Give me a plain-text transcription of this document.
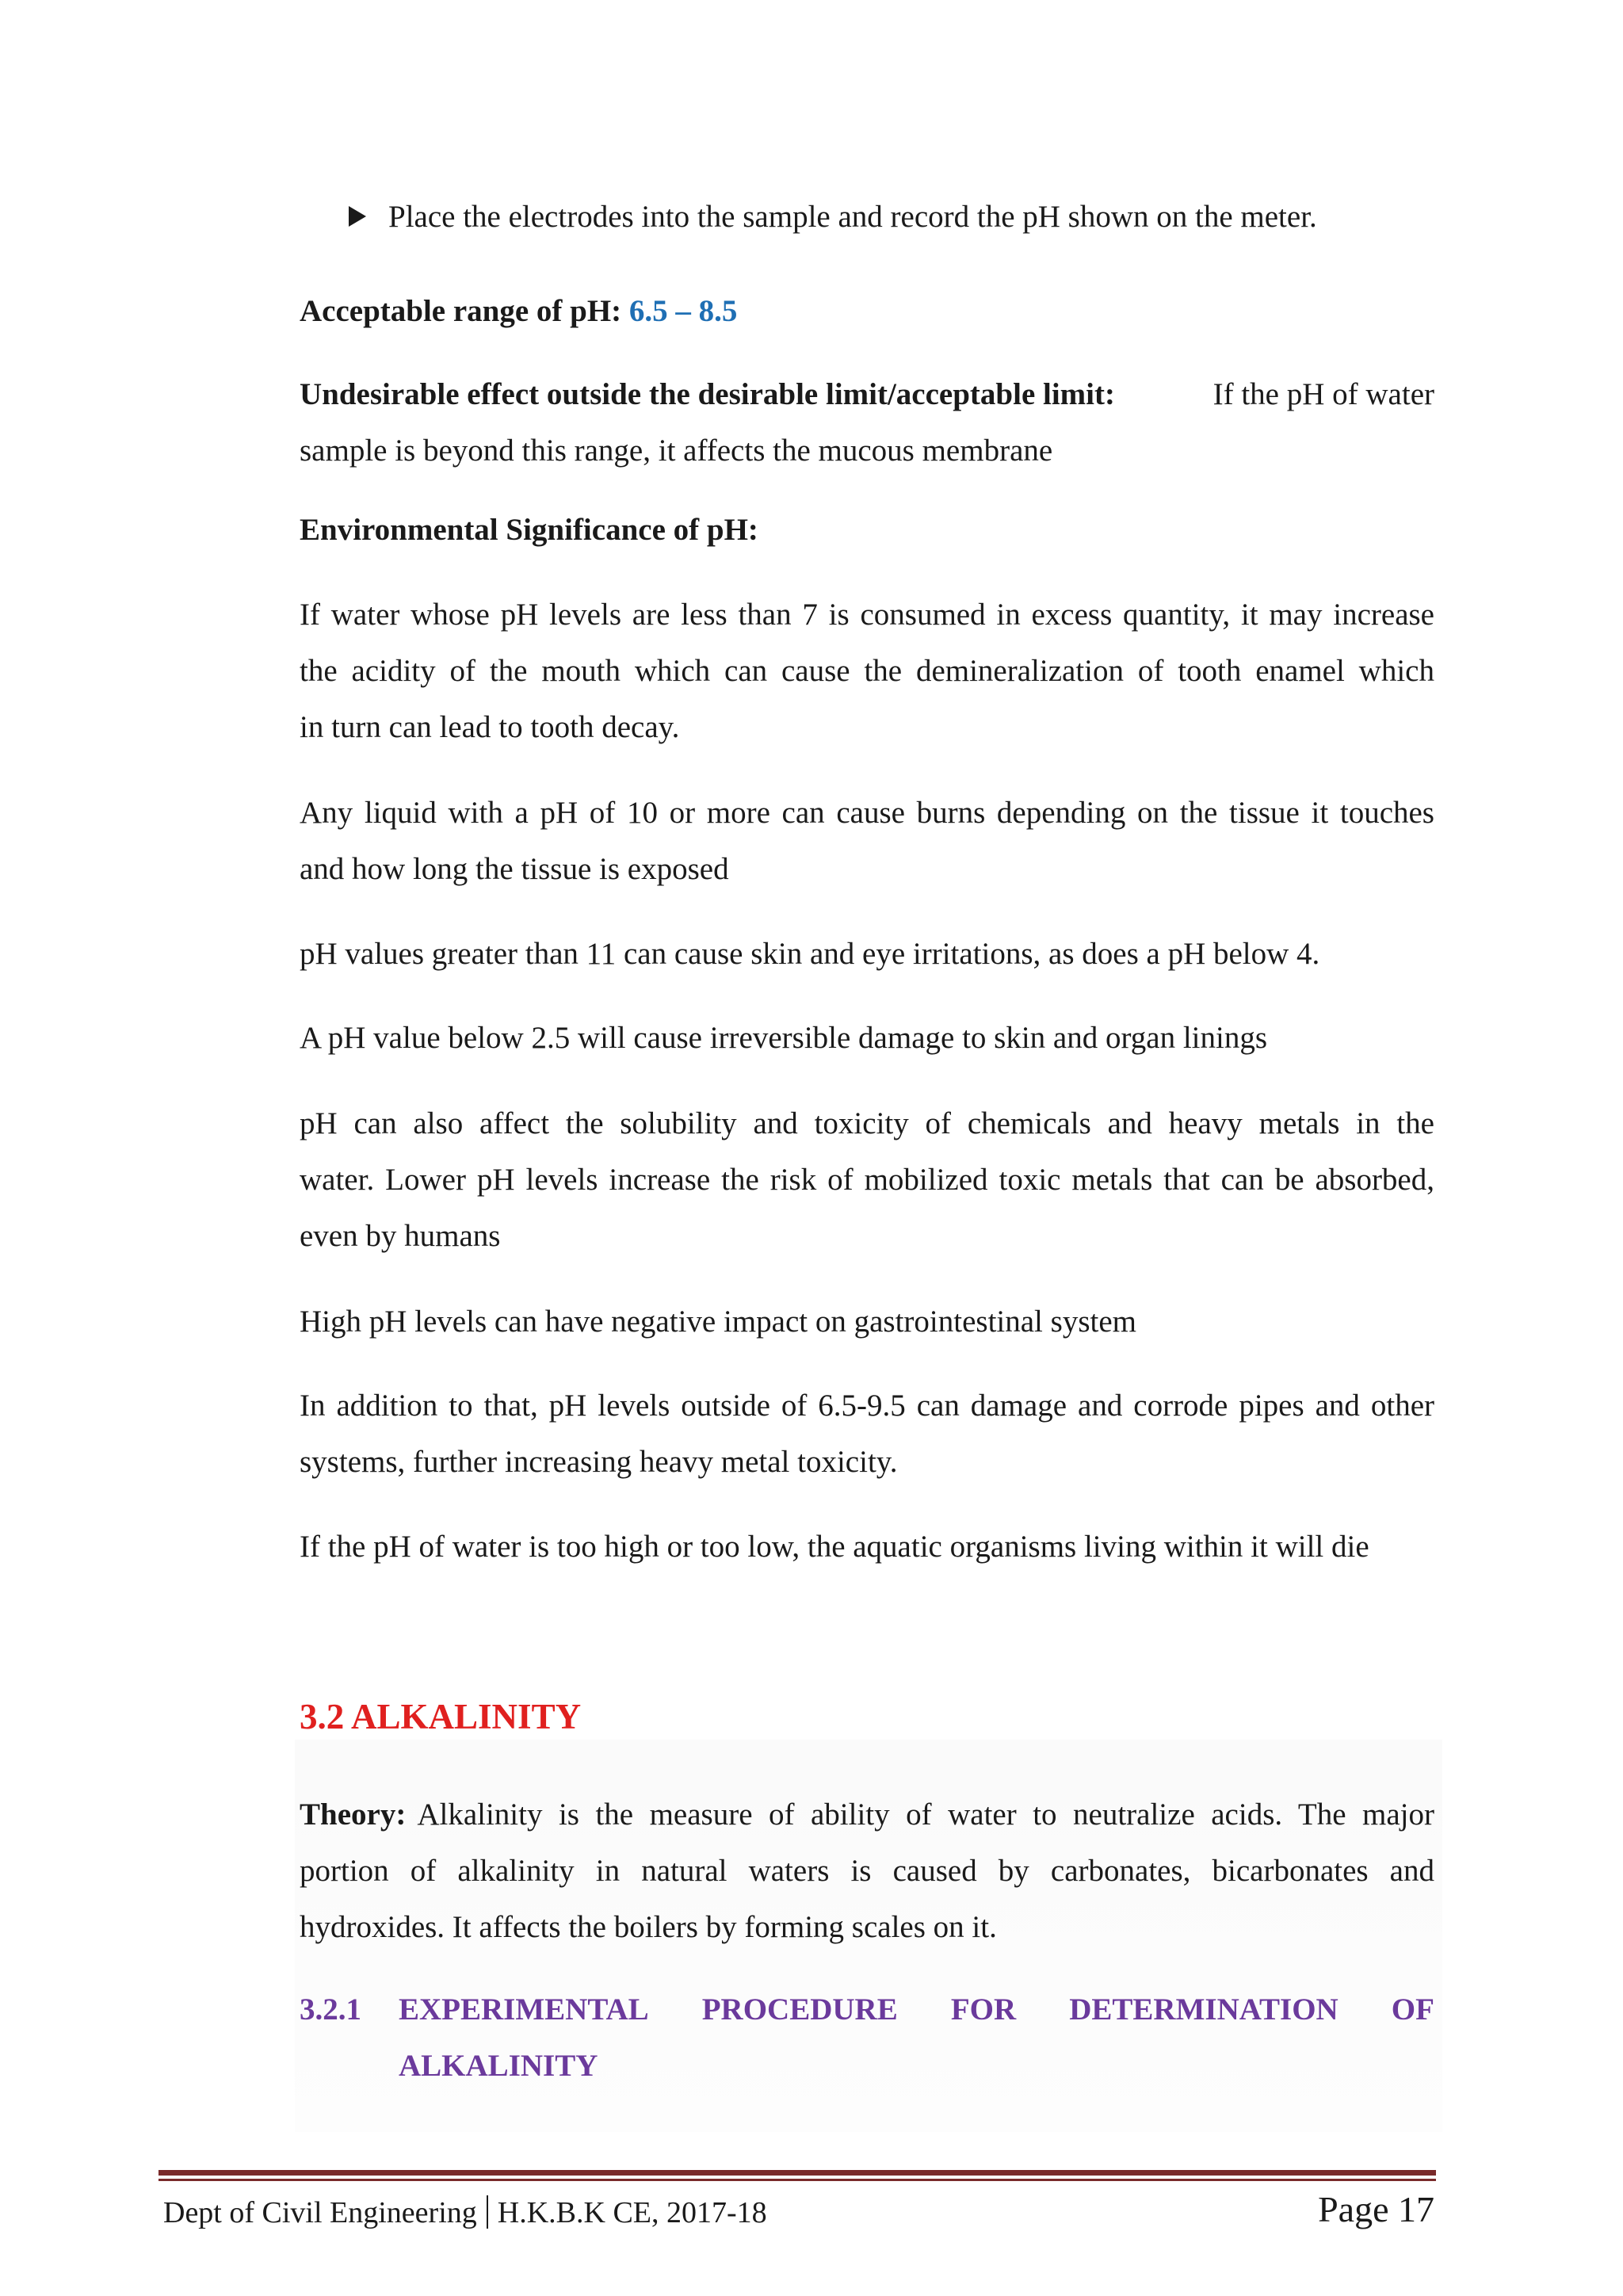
Place the electrodes into the sample and record the pH shown on the meter.

Acceptable range of pH: 6.5 – 8.5

Undesirable effect outside the desirable limit/acceptable limit:	If the pH of water
sample is beyond this range, it affects the mucous membrane

Environmental Significance of pH:

If water whose pH levels are less than 7 is consumed in excess quantity, it may increase
the acidity of the mouth which can cause the demineralization of tooth enamel which
in turn can lead to tooth decay.
Any liquid with a pH of 10 or more can cause burns depending on the tissue it touches
and how long the tissue is exposed

pH values greater than 11 can cause skin and eye irritations, as does a pH below 4.

A pH value below 2.5 will cause irreversible damage to skin and organ linings

pH can also affect the solubility and toxicity of chemicals and heavy metals in the
water. Lower pH levels increase the risk of mobilized toxic metals that can be absorbed,
even by humans

High pH levels can have negative impact on gastrointestinal system

In addition to that, pH levels outside of 6.5-9.5 can damage and corrode pipes and other
systems, further increasing heavy metal toxicity.

If the pH of water is too high or too low, the aquatic organisms living within it will die

3.2 ALKALINITY
Theory: Alkalinity is the measure of ability of water to neutralize acids. The major
portion of alkalinity in natural waters is caused by carbonates, bicarbonates and
hydroxides. It affects the boilers by forming scales on it.
3.2.1 EXPERIMENTAL PROCEDURE FOR DETERMINATION OF
ALKALINITY
Dept of Civil Engineering H.K.B.K CE, 2017-18	Page 17
